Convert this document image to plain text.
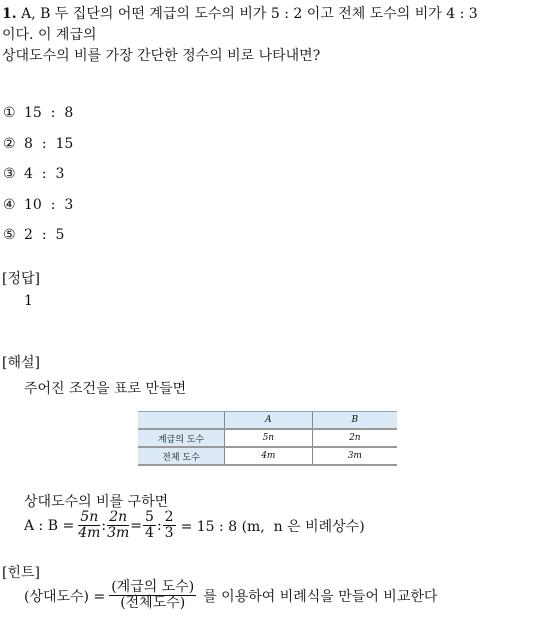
1. A, B 두 집단의 어떤 계급의 도수의 비가 5 : 2 이고 전체 도수의 비가 4 : 3
이다. 이 계급의
상대도수의 비를 가장 간단한 정수의 비로 나타내면?
① 15  :  8
② 8  :  15
③ 4  :  3
④ 10  :  3
⑤ 2  :  5
[정답]
1
[해설]
주어진 조건을 표로 만들면
	A	B
계급의 도수	5n	2n
전체 도수	4m	3m
상대도수의 비를 구하면
A : $B = \frac{5n}{4m}$ : $\frac{2n}{3m} = \frac{5}{4}$ : $\frac{2}{3} = 15$ : 8 (m,  n 은 비례상수)
[힌트]
(상대도수) = $\frac{\text{(계급의 도수)}}{\text{(전체도수)}}$ 를 이용하여 비례식을 만들어 비교한다
